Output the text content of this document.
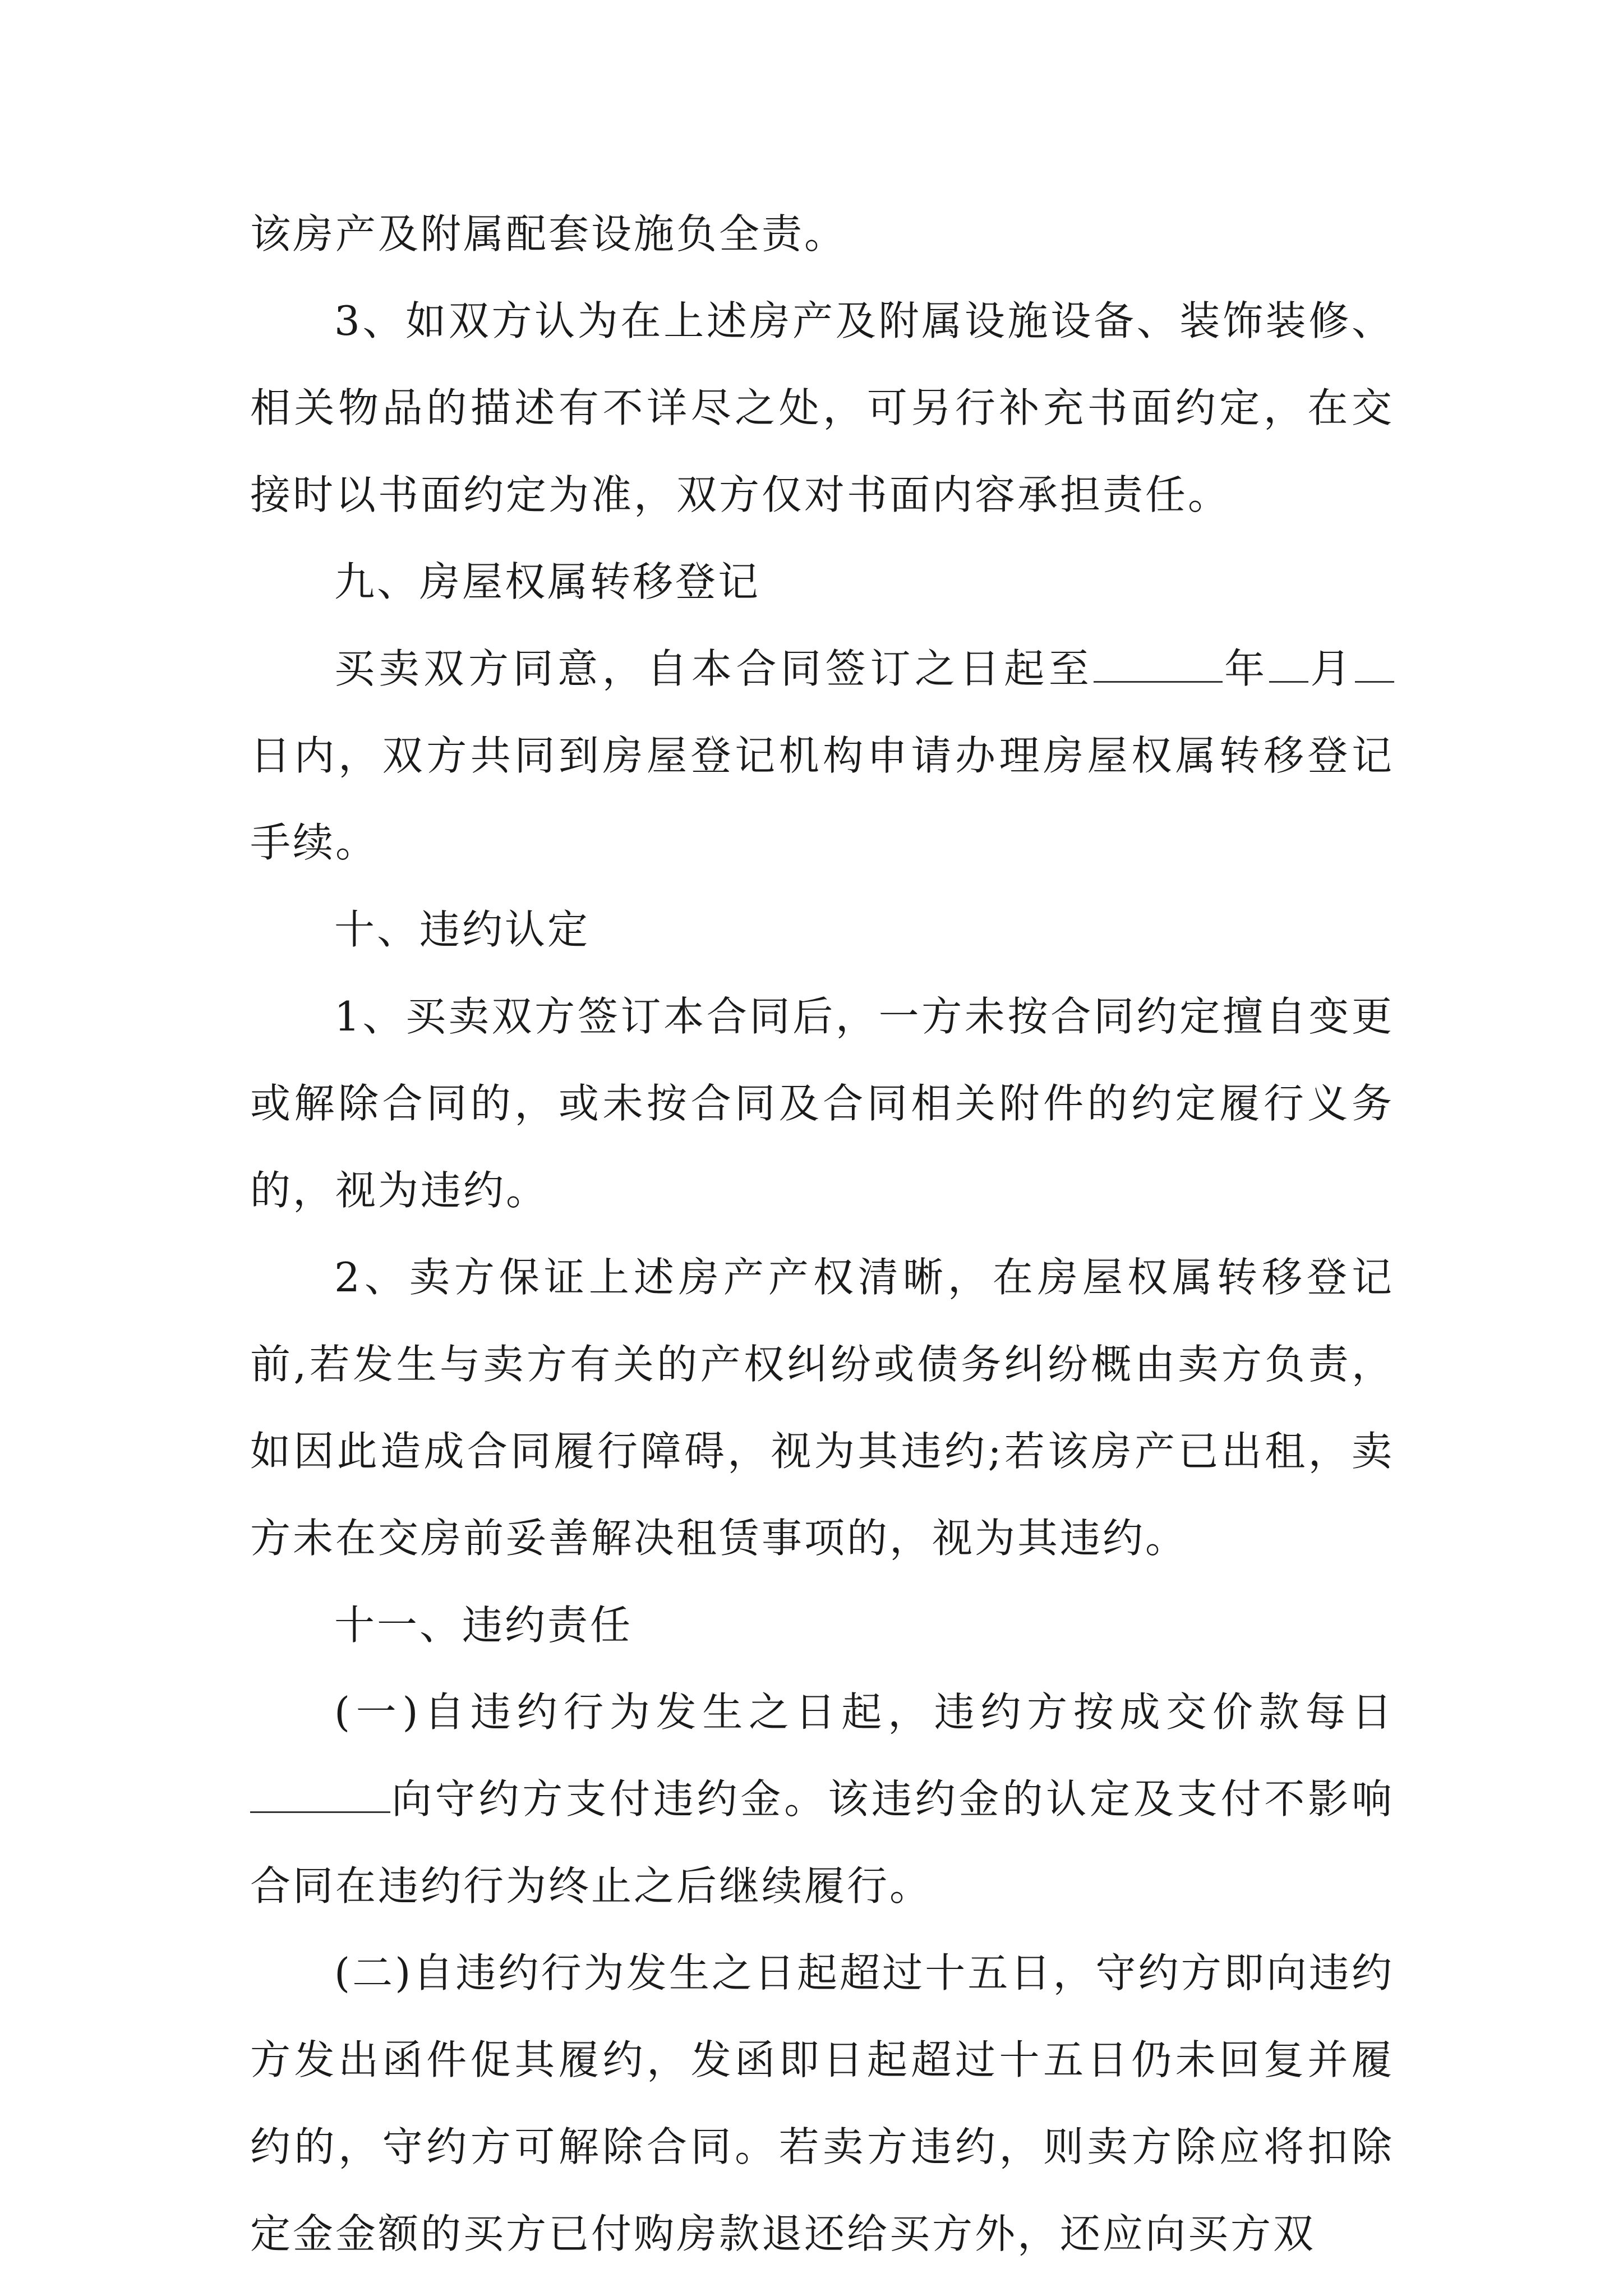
该房产及附属配套设施负全责。

3、如双方认为在上述房产及附属设施设备、装饰装修、相关物品的描述有不详尽之处，可另行补充书面约定，在交接时以书面约定为准，双方仅对书面内容承担责任。

九、房屋权属转移登记

买卖双方同意，自本合同签订之日起至	年 月日内，双方共同到房屋登记机构申请办理房屋权属转移登记手续。

十、违约认定

1、买卖双方签订本合同后，一方未按合同约定擅自变更或解除合同的，或未按合同及合同相关附件的约定履行义务的，视为违约。

2、卖方保证上述房产产权清晰，在房屋权属转移登记前,若发生与卖方有关的产权纠纷或债务纠纷概由卖方负责，如因此造成合同履行障碍，视为其违约;若该房产已出租，卖方未在交房前妥善解决租赁事项的，视为其违约。

十一、违约责任

(一)自违约行为发生之日起，违约方按成交价款每日向守约方支付违约金。该违约金的认定及支付不影响合同在违约行为终止之后继续履行。

(二)自违约行为发生之日起超过十五日，守约方即向违约方发出函件促其履约，发函即日起超过十五日仍未回复并履约的，守约方可解除合同。若卖方违约，则卖方除应将扣除定金金额的买方已付购房款退还给买方外，还应向买方双
